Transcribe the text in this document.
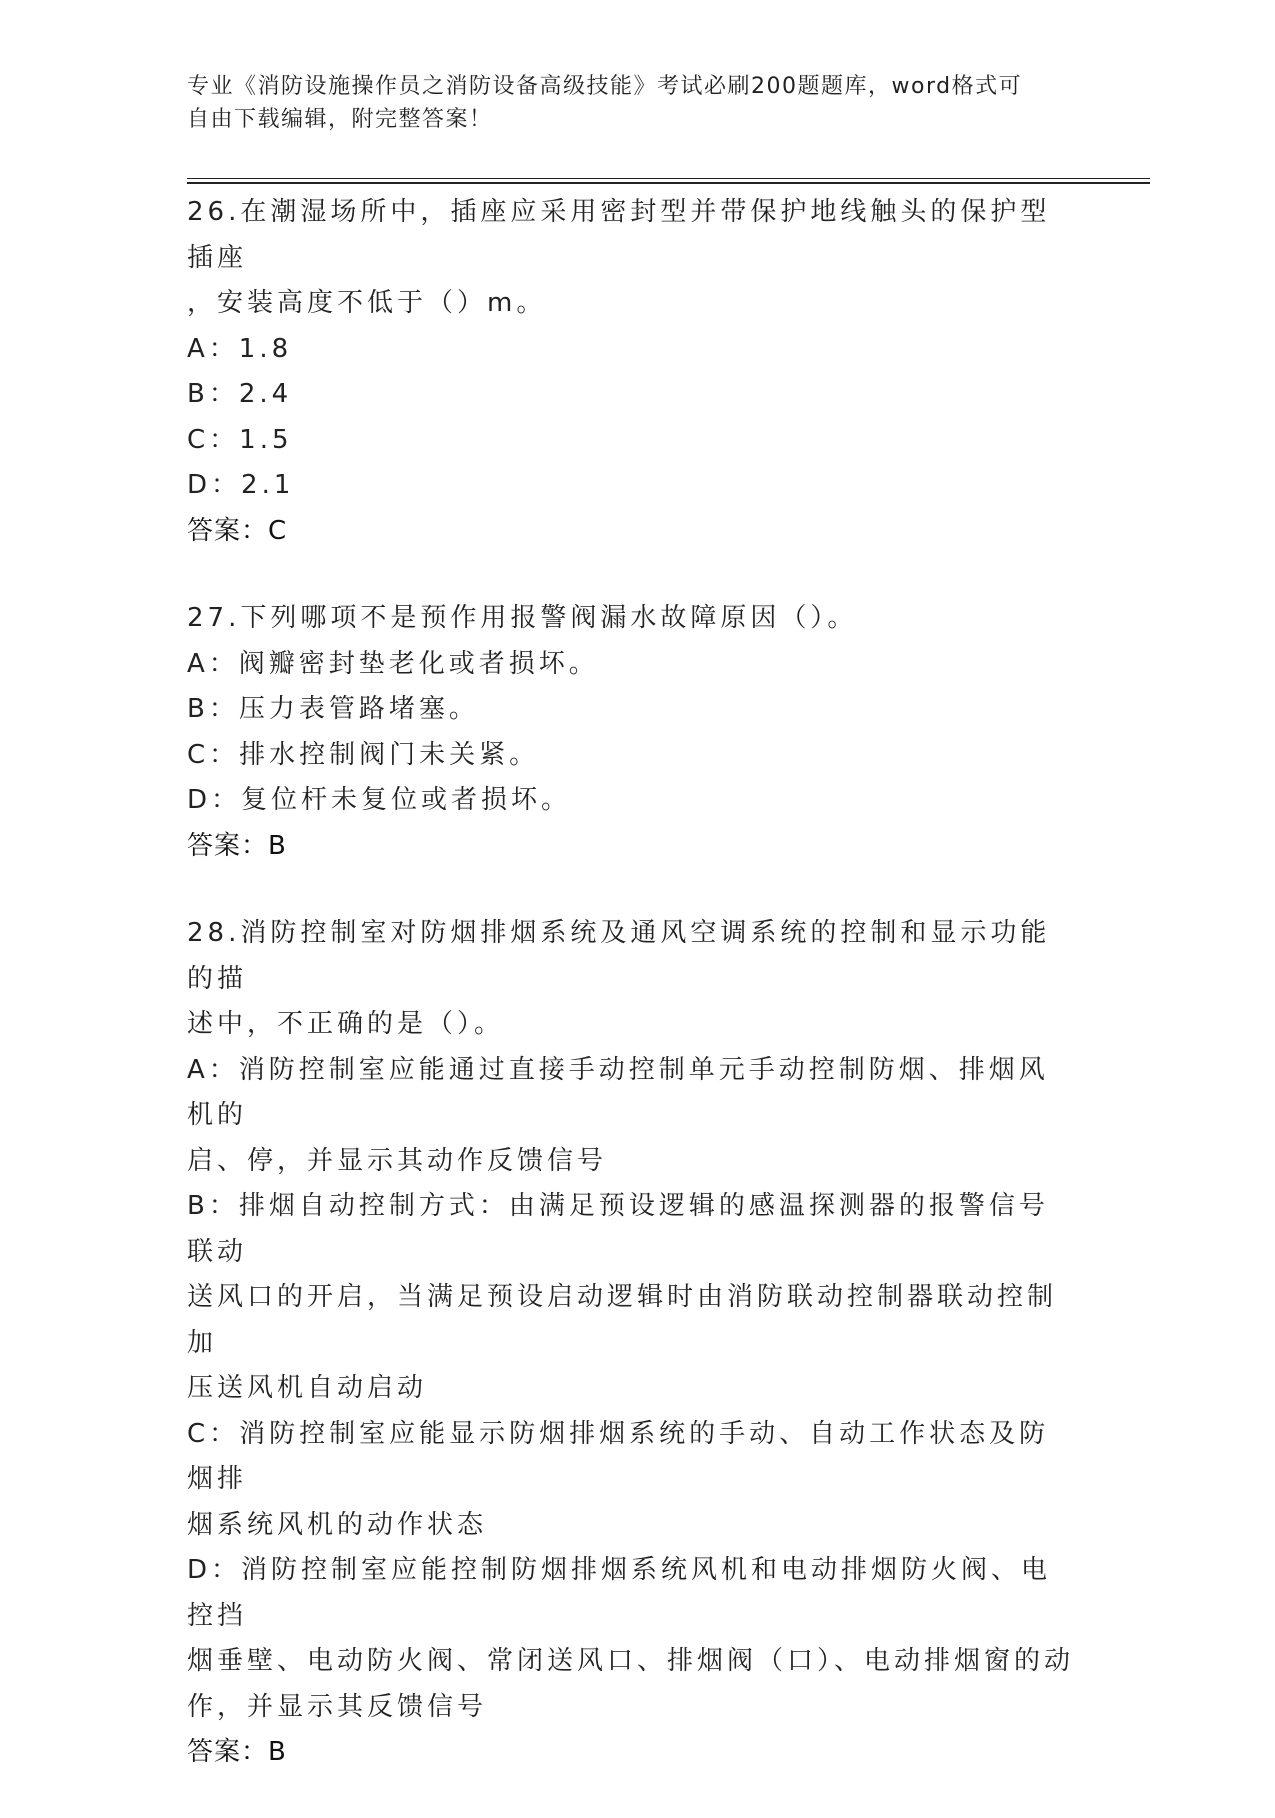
专业《消防设施操作员之消防设备高级技能》考试必刷200题题库，word格式可
自由下载编辑，附完整答案！
26.在潮湿场所中，插座应采用密封型并带保护地线触头的保护型插座
，安装高度不低于（）m。
A：1.8
B：2.4
C：1.5
D：2.1
答案：C
27.下列哪项不是预作用报警阀漏水故障原因（）。
A：阀瓣密封垫老化或者损坏。
B：压力表管路堵塞。
C：排水控制阀门未关紧。
D：复位杆未复位或者损坏。
答案：B
28.消防控制室对防烟排烟系统及通风空调系统的控制和显示功能的描
述中，不正确的是（）。
A：消防控制室应能通过直接手动控制单元手动控制防烟、排烟风机的
启、停，并显示其动作反馈信号
B：排烟自动控制方式：由满足预设逻辑的感温探测器的报警信号联动
送风口的开启，当满足预设启动逻辑时由消防联动控制器联动控制加
压送风机自动启动
C：消防控制室应能显示防烟排烟系统的手动、自动工作状态及防烟排
烟系统风机的动作状态
D：消防控制室应能控制防烟排烟系统风机和电动排烟防火阀、电控挡
烟垂壁、电动防火阀、常闭送风口、排烟阀（口）、电动排烟窗的动
作，并显示其反馈信号
答案：B
